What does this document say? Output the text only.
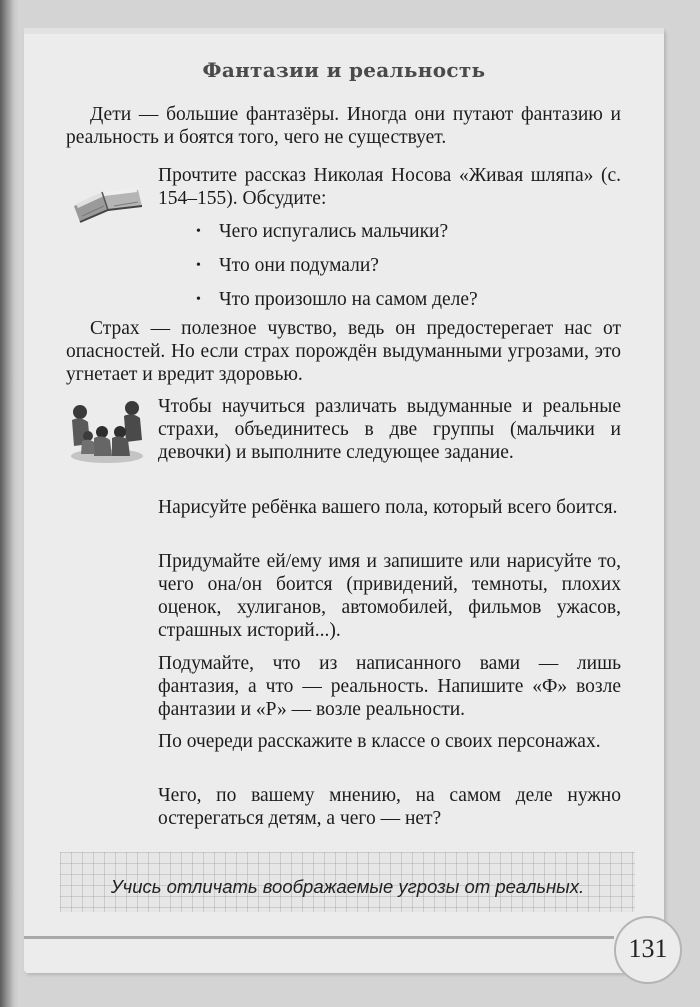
Фантазии и реальность

Дети — большие фантазёры. Иногда они путают фантазию и реальность и боятся того, чего не существует.

Прочтите рассказ Николая Носова «Живая шляпа» (с. 154–155). Обсудите:

• Чего испугались мальчики?
• Что они подумали?
• Что произошло на самом деле?

Страх — полезное чувство, ведь он предостерегает нас от опасностей. Но если страх порождён выдуманными угрозами, это угнетает и вредит здоровью.

Чтобы научиться различать выдуманные и реальные страхи, объединитесь в две группы (мальчики и девочки) и выполните следующее задание.

Нарисуйте ребёнка вашего пола, который всего боится.

Придумайте ей/ему имя и запишите или нарисуйте то, чего она/он боится (привидений, темноты, плохих оценок, хулиганов, автомобилей, фильмов ужасов, страшных историй...).

Подумайте, что из написанного вами — лишь фантазия, а что — реальность. Напишите «Ф» возле фантазии и «Р» — возле реальности.

По очереди расскажите в классе о своих персонажах.

Чего, по вашему мнению, на самом деле нужно остерегаться детям, а чего — нет?

Учись отличать воображаемые угрозы от реальных.
131
